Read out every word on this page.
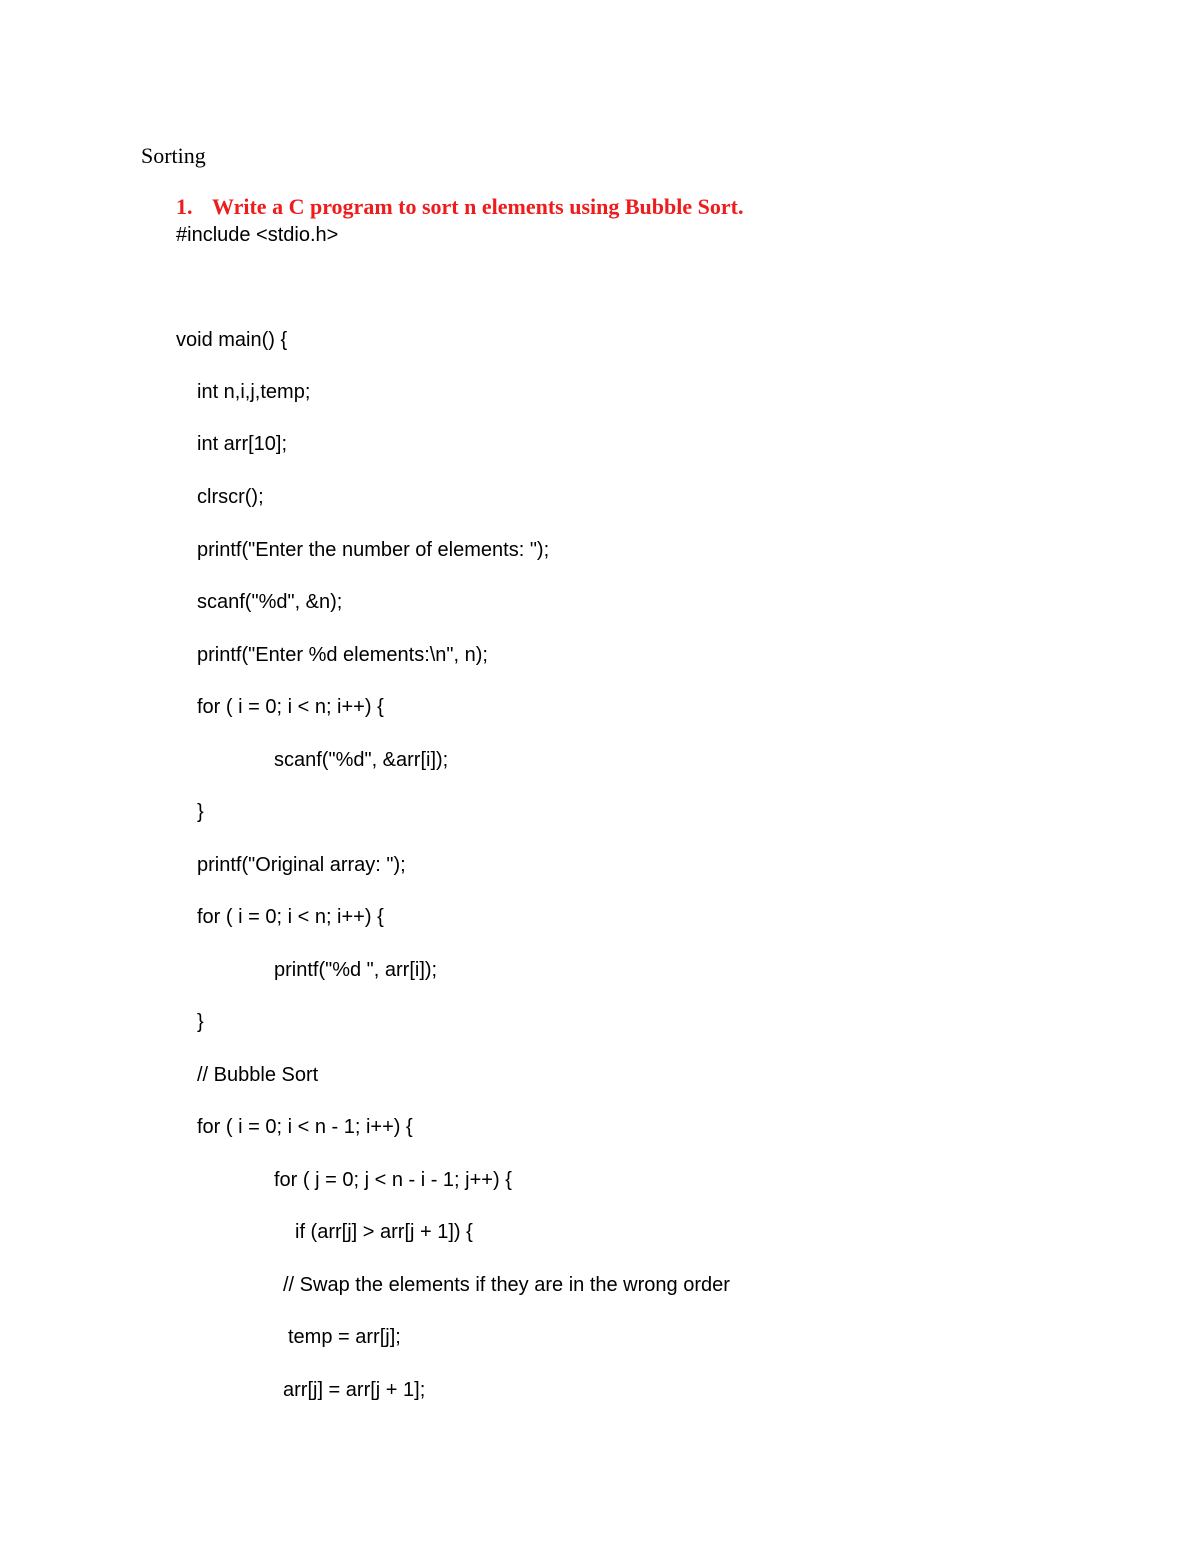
Sorting
1. Write a C program to sort n elements using Bubble Sort.
#include <stdio.h>
void main() {
int n,i,j,temp;
int arr[10];
clrscr();
printf("Enter the number of elements: ");
scanf("%d", &n);
printf("Enter %d elements:\n", n);
for ( i = 0; i < n; i++) {
scanf("%d", &arr[i]);
}
printf("Original array: ");
for ( i = 0; i < n; i++) {
printf("%d ", arr[i]);
}
// Bubble Sort
for ( i = 0; i < n - 1; i++) {
for ( j = 0; j < n - i - 1; j++) {
if (arr[j] > arr[j + 1]) {
// Swap the elements if they are in the wrong order
temp = arr[j];
arr[j] = arr[j + 1];
